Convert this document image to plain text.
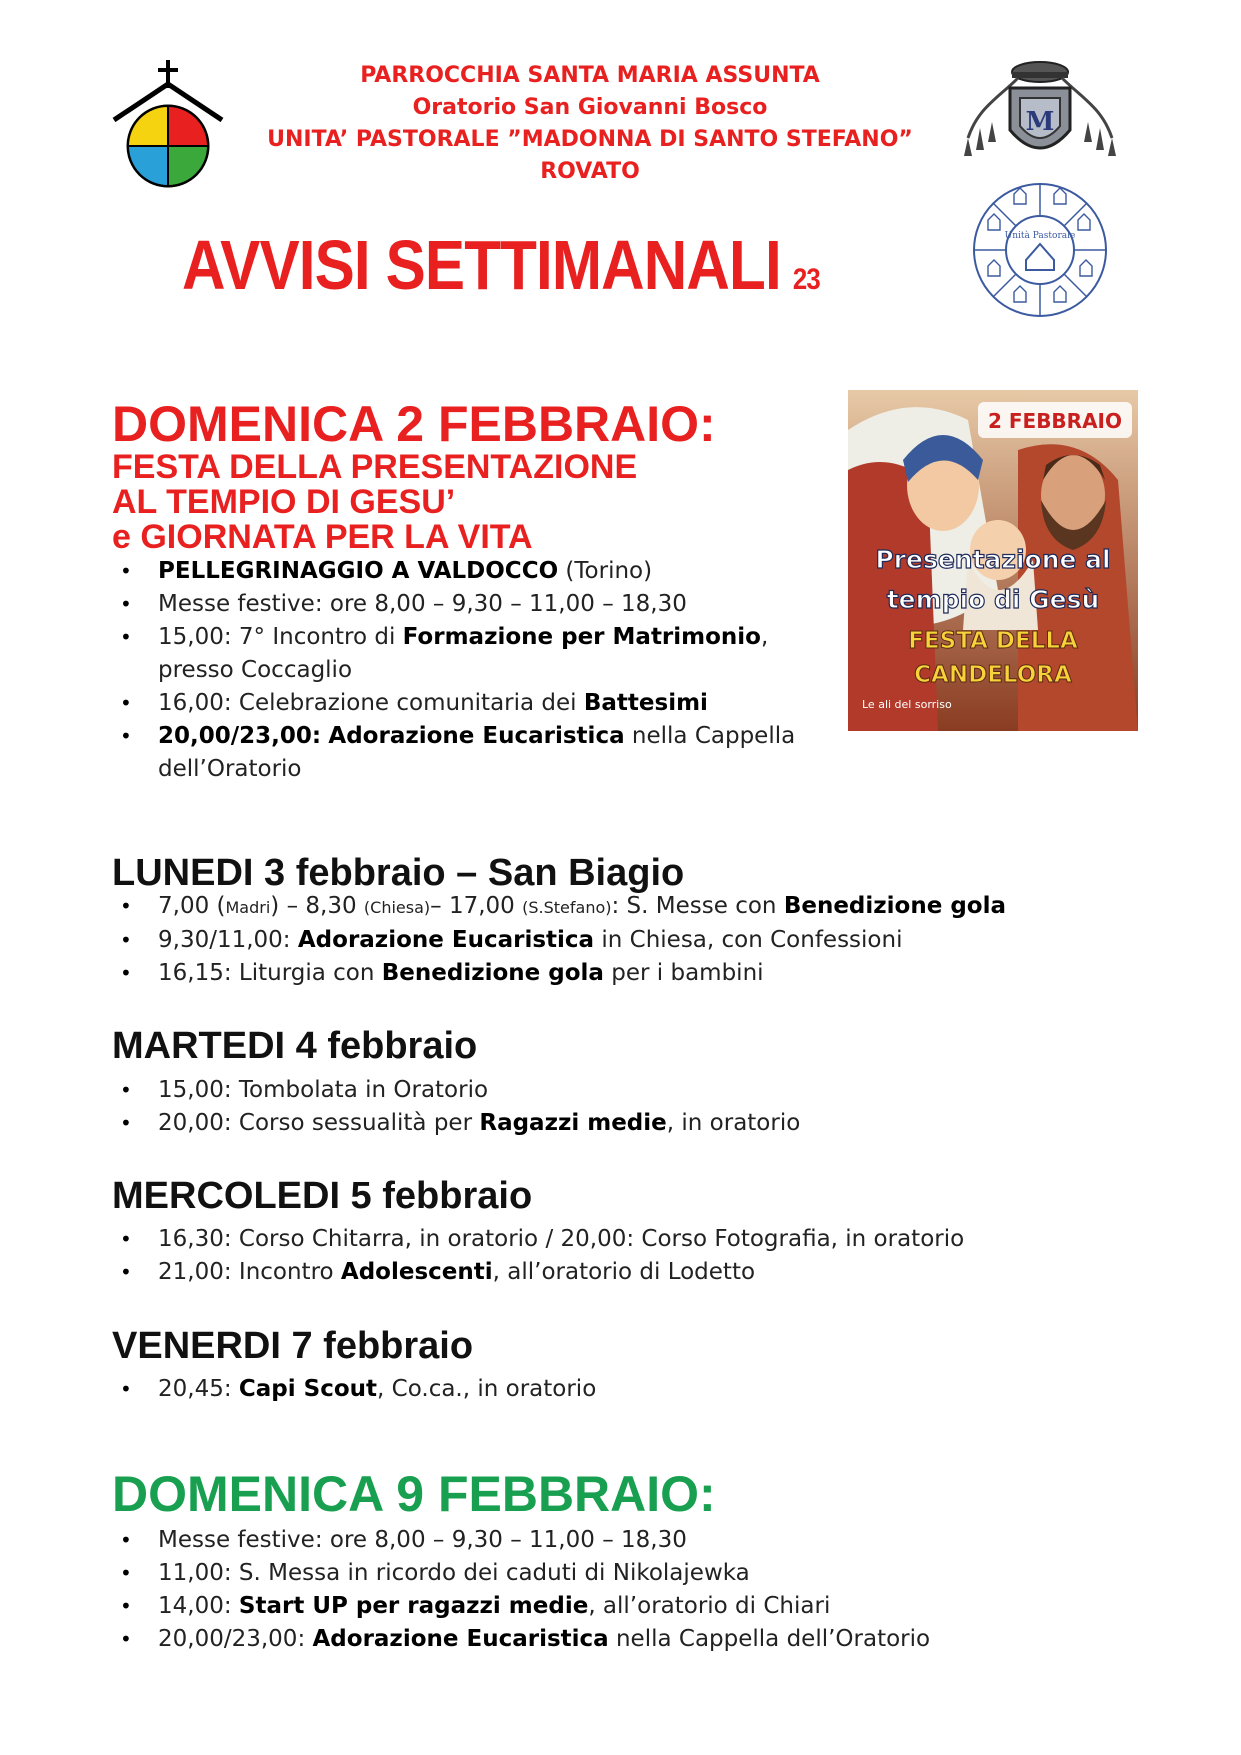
PARROCCHIA SANTA MARIA ASSUNTA
Oratorio San Giovanni Bosco
UNITA’ PASTORALE ”MADONNA DI SANTO STEFANO”
ROVATO
M
Unità Pastorale
AVVISI SETTIMANALI 23
2 FEBBRAIO
Presentazione al
tempio di Gesù
FESTA DELLA
CANDELORA
Le ali del sorriso
DOMENICA 2 FEBBRAIO:
FESTA DELLA PRESENTAZIONE
AL TEMPIO DI GESU’
e GIORNATA PER LA VITA
• PELLEGRINAGGIO A VALDOCCO (Torino)
• Messe festive: ore 8,00 – 9,30 – 11,00 – 18,30
• 15,00: 7° Incontro di Formazione per Matrimonio, presso Coccaglio
• 16,00: Celebrazione comunitaria dei Battesimi
• 20,00/23,00: Adorazione Eucaristica nella Cappella dell’Oratorio
LUNEDI 3 febbraio – San Biagio
• 7,00 (Madri) – 8,30 (Chiesa)– 17,00 (S.Stefano): S. Messe con Benedizione gola
• 9,30/11,00: Adorazione Eucaristica in Chiesa, con Confessioni
• 16,15: Liturgia con Benedizione gola per i bambini
MARTEDI 4 febbraio
• 15,00: Tombolata in Oratorio
• 20,00: Corso sessualità per Ragazzi medie, in oratorio
MERCOLEDI 5 febbraio
• 16,30: Corso Chitarra, in oratorio / 20,00: Corso Fotografia, in oratorio
• 21,00: Incontro Adolescenti, all’oratorio di Lodetto
VENERDI 7 febbraio
• 20,45: Capi Scout, Co.ca., in oratorio
DOMENICA 9 FEBBRAIO:
• Messe festive: ore 8,00 – 9,30 – 11,00 – 18,30
• 11,00: S. Messa in ricordo dei caduti di Nikolajewka
• 14,00: Start UP per ragazzi medie, all’oratorio di Chiari
• 20,00/23,00: Adorazione Eucaristica nella Cappella dell’Oratorio
